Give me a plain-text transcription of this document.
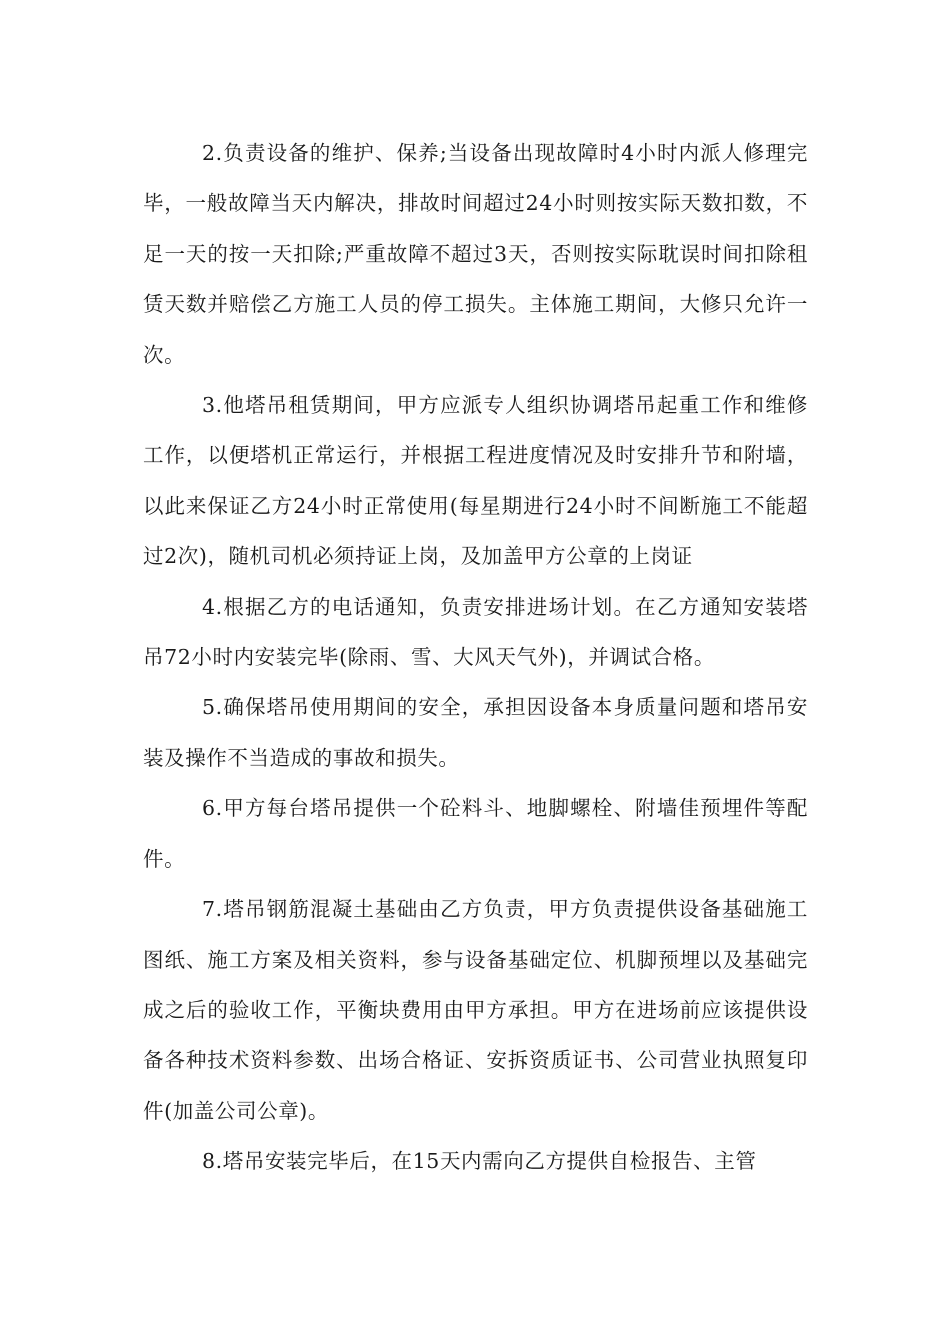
2.负责设备的维护、保养;当设备出现故障时4小时内派人修理完毕，一般故障当天内解决，排故时间超过24小时则按实际天数扣数，不足一天的按一天扣除;严重故障不超过3天，否则按实际耽误时间扣除租赁天数并赔偿乙方施工人员的停工损失。主体施工期间，大修只允许一次。

3.他塔吊租赁期间，甲方应派专人组织协调塔吊起重工作和维修工作，以便塔机正常运行，并根据工程进度情况及时安排升节和附墙，以此来保证乙方24小时正常使用(每星期进行24小时不间断施工不能超过2次)，随机司机必须持证上岗，及加盖甲方公章的上岗证

4.根据乙方的电话通知，负责安排进场计划。在乙方通知安装塔吊72小时内安装完毕(除雨、雪、大风天气外)，并调试合格。

5.确保塔吊使用期间的安全，承担因设备本身质量问题和塔吊安装及操作不当造成的事故和损失。

6.甲方每台塔吊提供一个砼料斗、地脚螺栓、附墙佳预埋件等配件。

7.塔吊钢筋混凝土基础由乙方负责，甲方负责提供设备基础施工图纸、施工方案及相关资料，参与设备基础定位、机脚预埋以及基础完成之后的验收工作，平衡块费用由甲方承担。甲方在进场前应该提供设备各种技术资料参数、出场合格证、安拆资质证书、公司营业执照复印件(加盖公司公章)。

8.塔吊安装完毕后，在15天内需向乙方提供自检报告、主管
